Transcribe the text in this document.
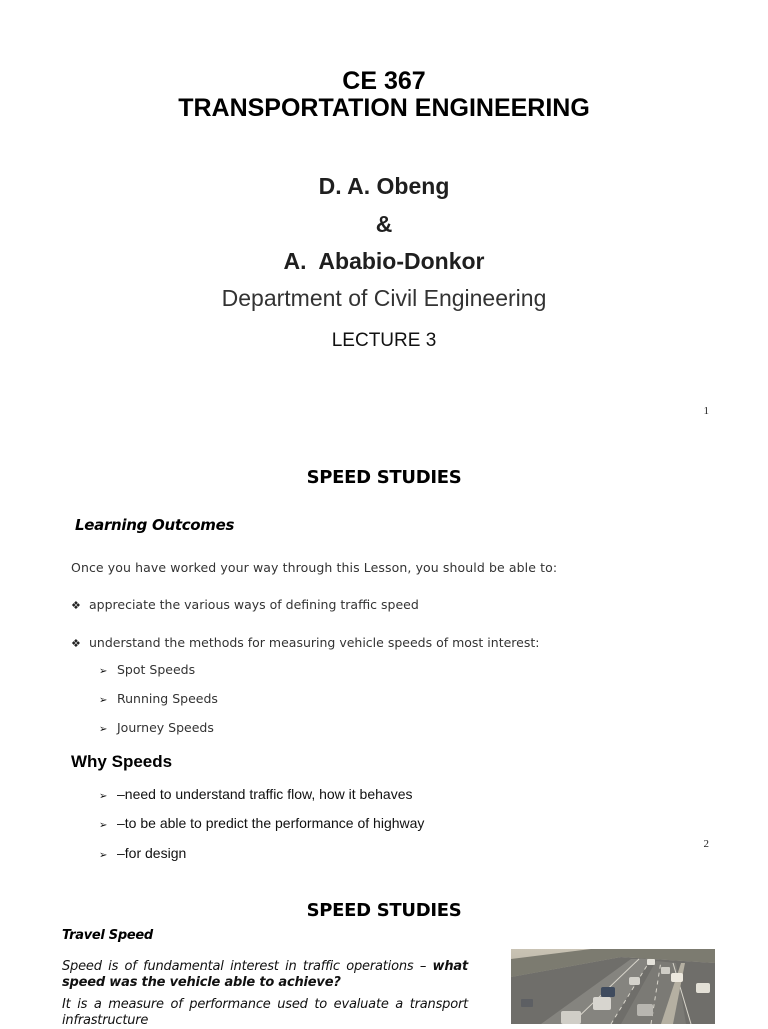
CE 367
TRANSPORTATION ENGINEERING
D. A. Obeng
&
A.  Ababio-Donkor
Department of Civil Engineering
LECTURE 3
1
SPEED STUDIES
Learning Outcomes
Once you have worked your way through this Lesson, you should be able to:
❖ appreciate the various ways of defining traffic speed
❖ understand the methods for measuring vehicle speeds of most interest:
➢ Spot Speeds
➢ Running Speeds
➢ Journey Speeds
Why Speeds
➢ –need to understand traffic flow, how it behaves
➢ –to be able to predict the performance of highway
➢ –for design
2
SPEED STUDIES
Travel Speed
Speed is of fundamental interest in traffic operations – what speed was the vehicle able to achieve?
It is a measure of performance used to evaluate a transport infrastructure
